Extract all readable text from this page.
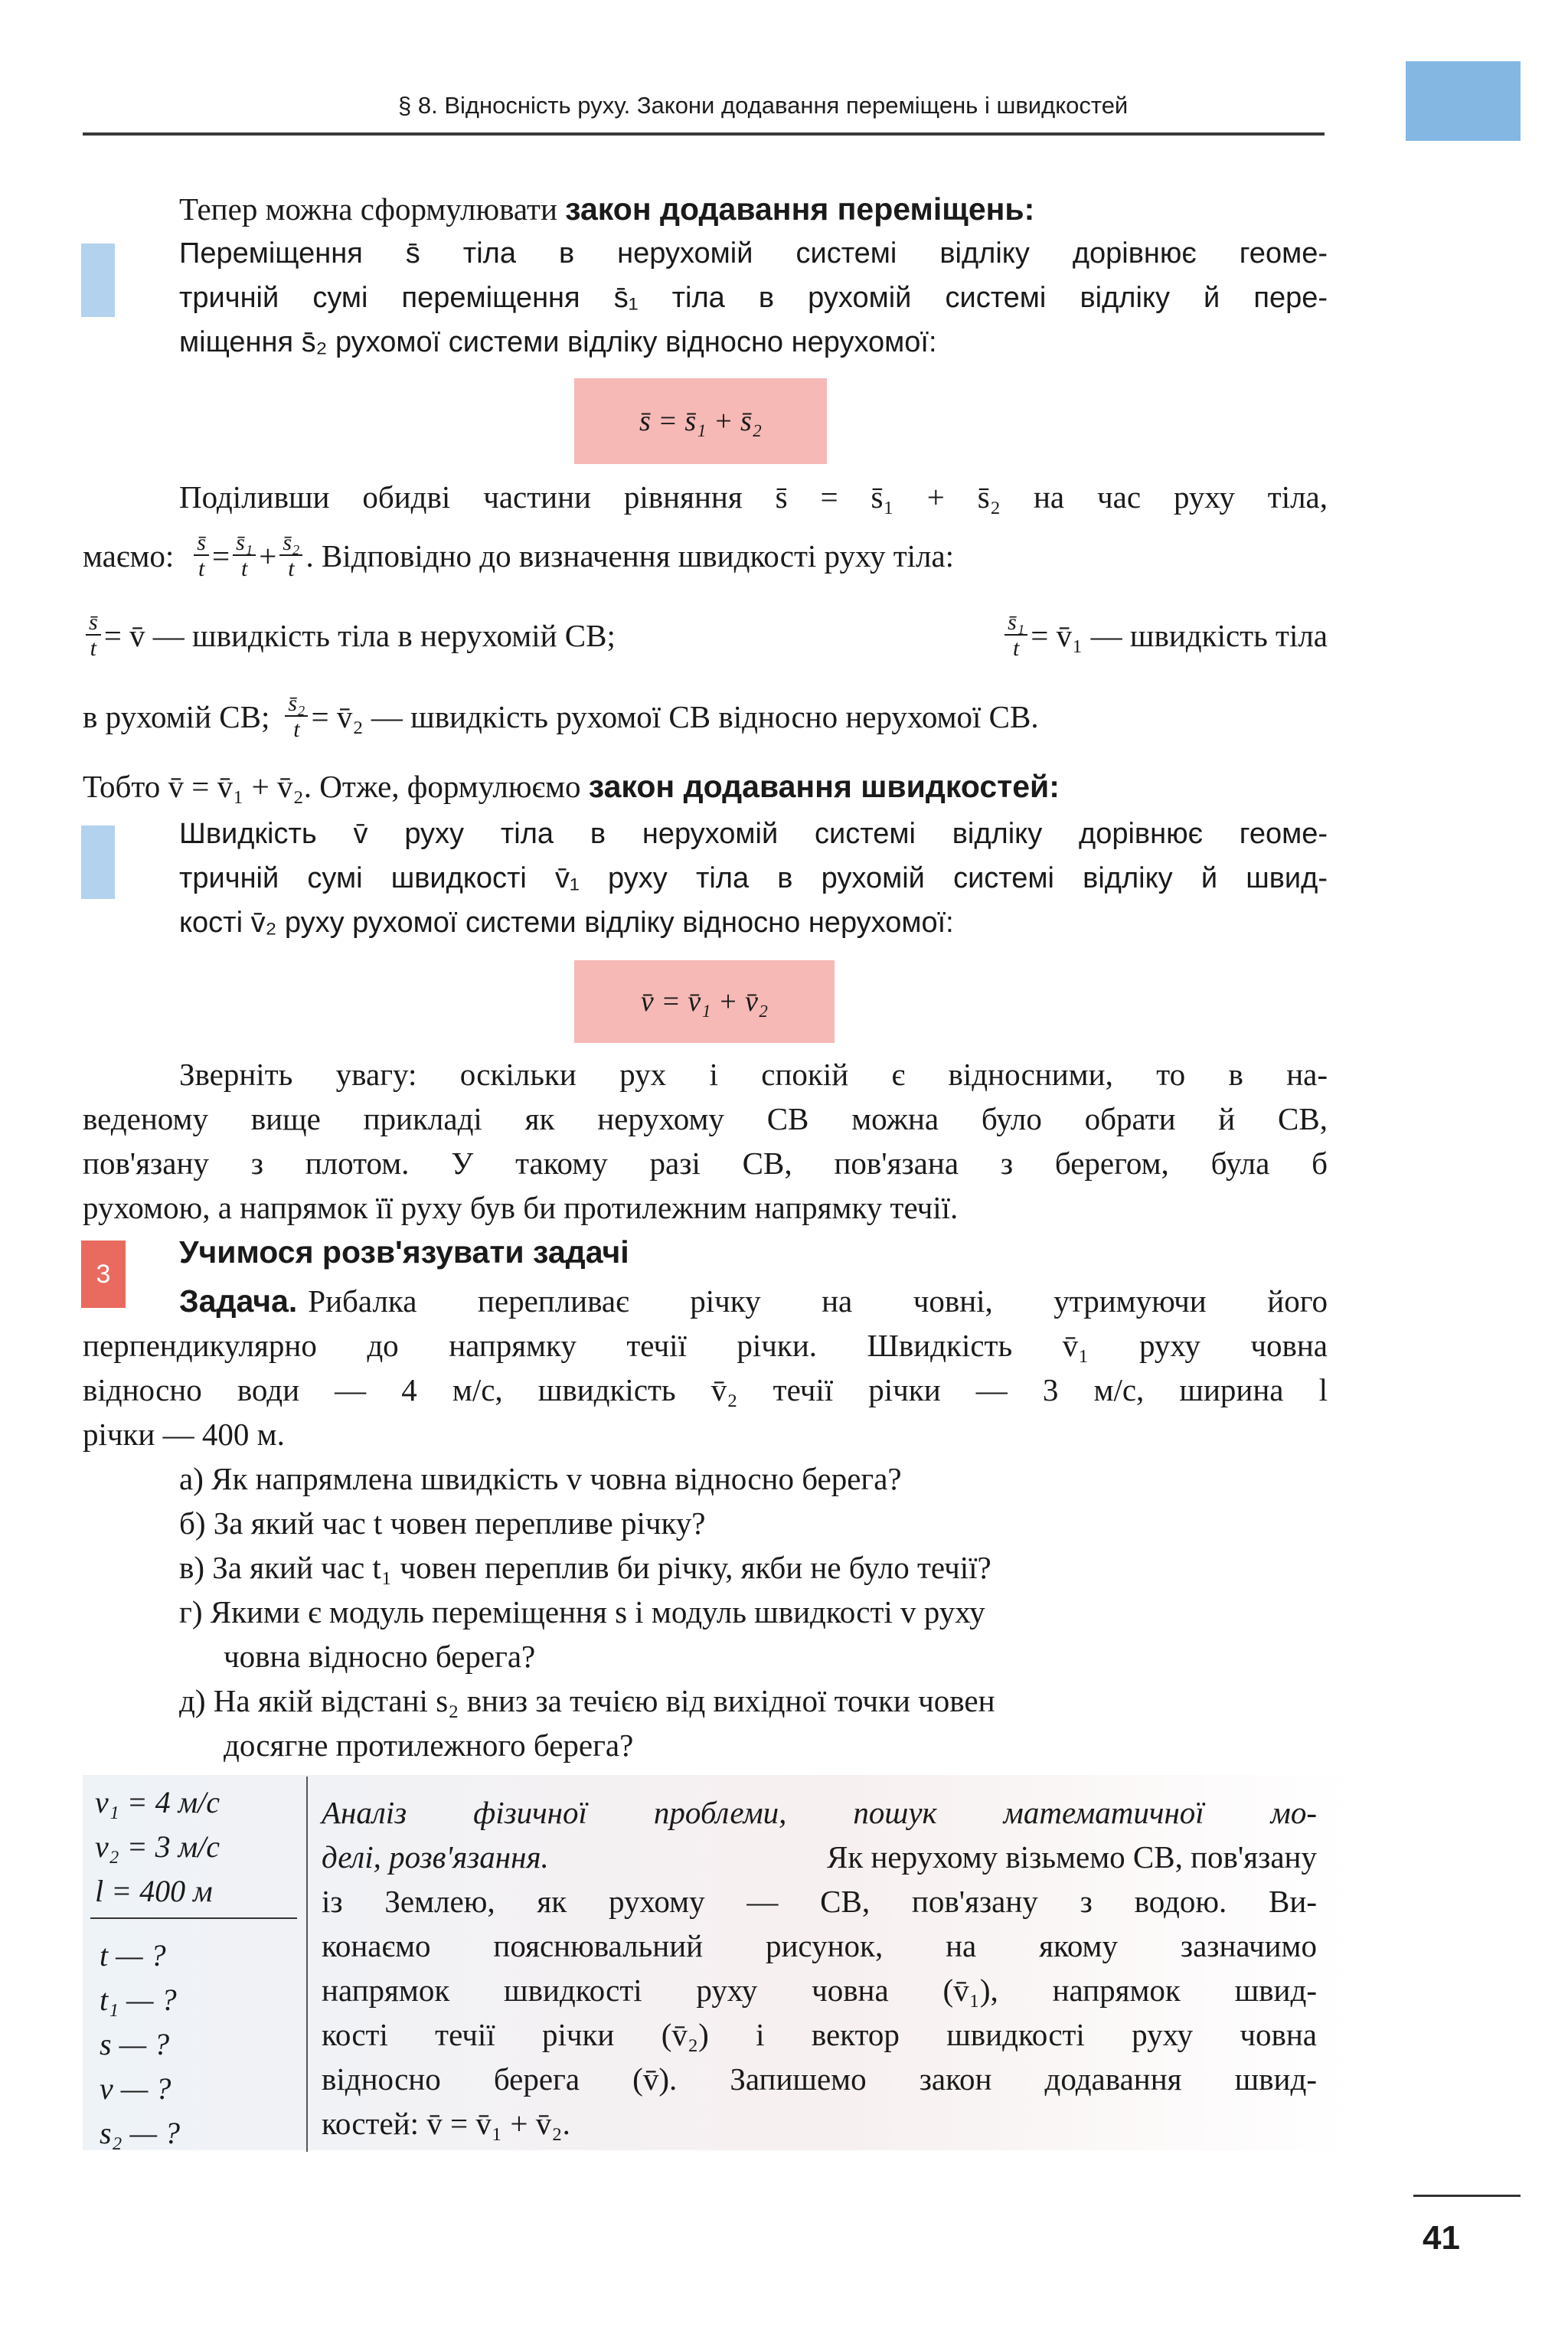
§ 8. Відносність руху. Закони додавання переміщень і швидкостей
Тепер можна сформулювати закон додавання переміщень:
Переміщення s̄ тіла в нерухомій системі відліку дорівнює геоме-
тричній сумі переміщення s̄₁ тіла в рухомій системі відліку й пере-
міщення s̄₂ рухомої системи відліку відносно нерухомої:
s̄ = s̄₁ + s̄₂
Поділивши обидві частини рівняння s̄ = s̄₁ + s̄₂ на час руху тіла,
маємо: $\frac{s̄}{t} = \frac{\text{s̄₁}}{t} + \frac{\text{s̄₂}}{t}$ . Відповідно до визначення швидкості руху тіла:
$\frac{s̄}{t}$ = v̄ — швидкість тіла в нерухомій СВ;	$\frac{\text{s̄₁}}{t}$ = v̄₁ — швидкість тіла
в рухомій СВ; $\frac{\text{s̄₂}}{t}$ = v̄₂ — швидкість рухомої СВ відносно нерухомої СВ.
Тобто v̄ = v̄₁ + v̄₂. Отже, формулюємо закон додавання швидкостей:
Швидкість v̄ руху тіла в нерухомій системі відліку дорівнює геоме-
тричній сумі швидкості v̄₁ руху тіла в рухомій системі відліку й швид-
кості v̄₂ руху рухомої системи відліку відносно нерухомої:
v̄ = v̄₁ + v̄₂
Зверніть увагу: оскільки рух і спокій є відносними, то в на-
веденому вище прикладі як нерухому СВ можна було обрати й СВ,
пов'язану з плотом. У такому разі СВ, пов'язана з берегом, була б
рухомою, а напрямок її руху був би протилежним напрямку течії.
3
Учимося розв'язувати задачі
Задача. Рибалка перепливає річку на човні, утримуючи його
перпендикулярно до напрямку течії річки. Швидкість v̄₁ руху човна
відносно води — 4 м/с, швидкість v̄₂ течії річки — 3 м/с, ширина l
річки — 400 м.
а) Як напрямлена швидкість v човна відносно берега?
б) За який час t човен перепливе річку?
в) За який час t₁ човен переплив би річку, якби не було течії?
г) Якими є модуль переміщення s і модуль швидкості v руху
човна відносно берега?
д) На якій відстані s₂ вниз за течією від вихідної точки човен
досягне протилежного берега?
v₁ = 4 м/с
v₂ = 3 м/с
l = 400 м
t — ?
t₁ — ?
s — ?
v — ?
s₂ — ?
Аналіз фізичної проблеми, пошук математичної мо-
делі, розв'язання.	Як нерухому візьмемо СВ, пов'язану
із Землею, як рухому — СВ, пов'язану з водою. Ви-
конаємо пояснювальний рисунок, на якому зазначимо
напрямок швидкості руху човна (v̄₁), напрямок швид-
кості течії річки (v̄₂) і вектор швидкості руху човна
відносно берега (v̄). Запишемо закон додавання швид-
костей: v̄ = v̄₁ + v̄₂.
41
